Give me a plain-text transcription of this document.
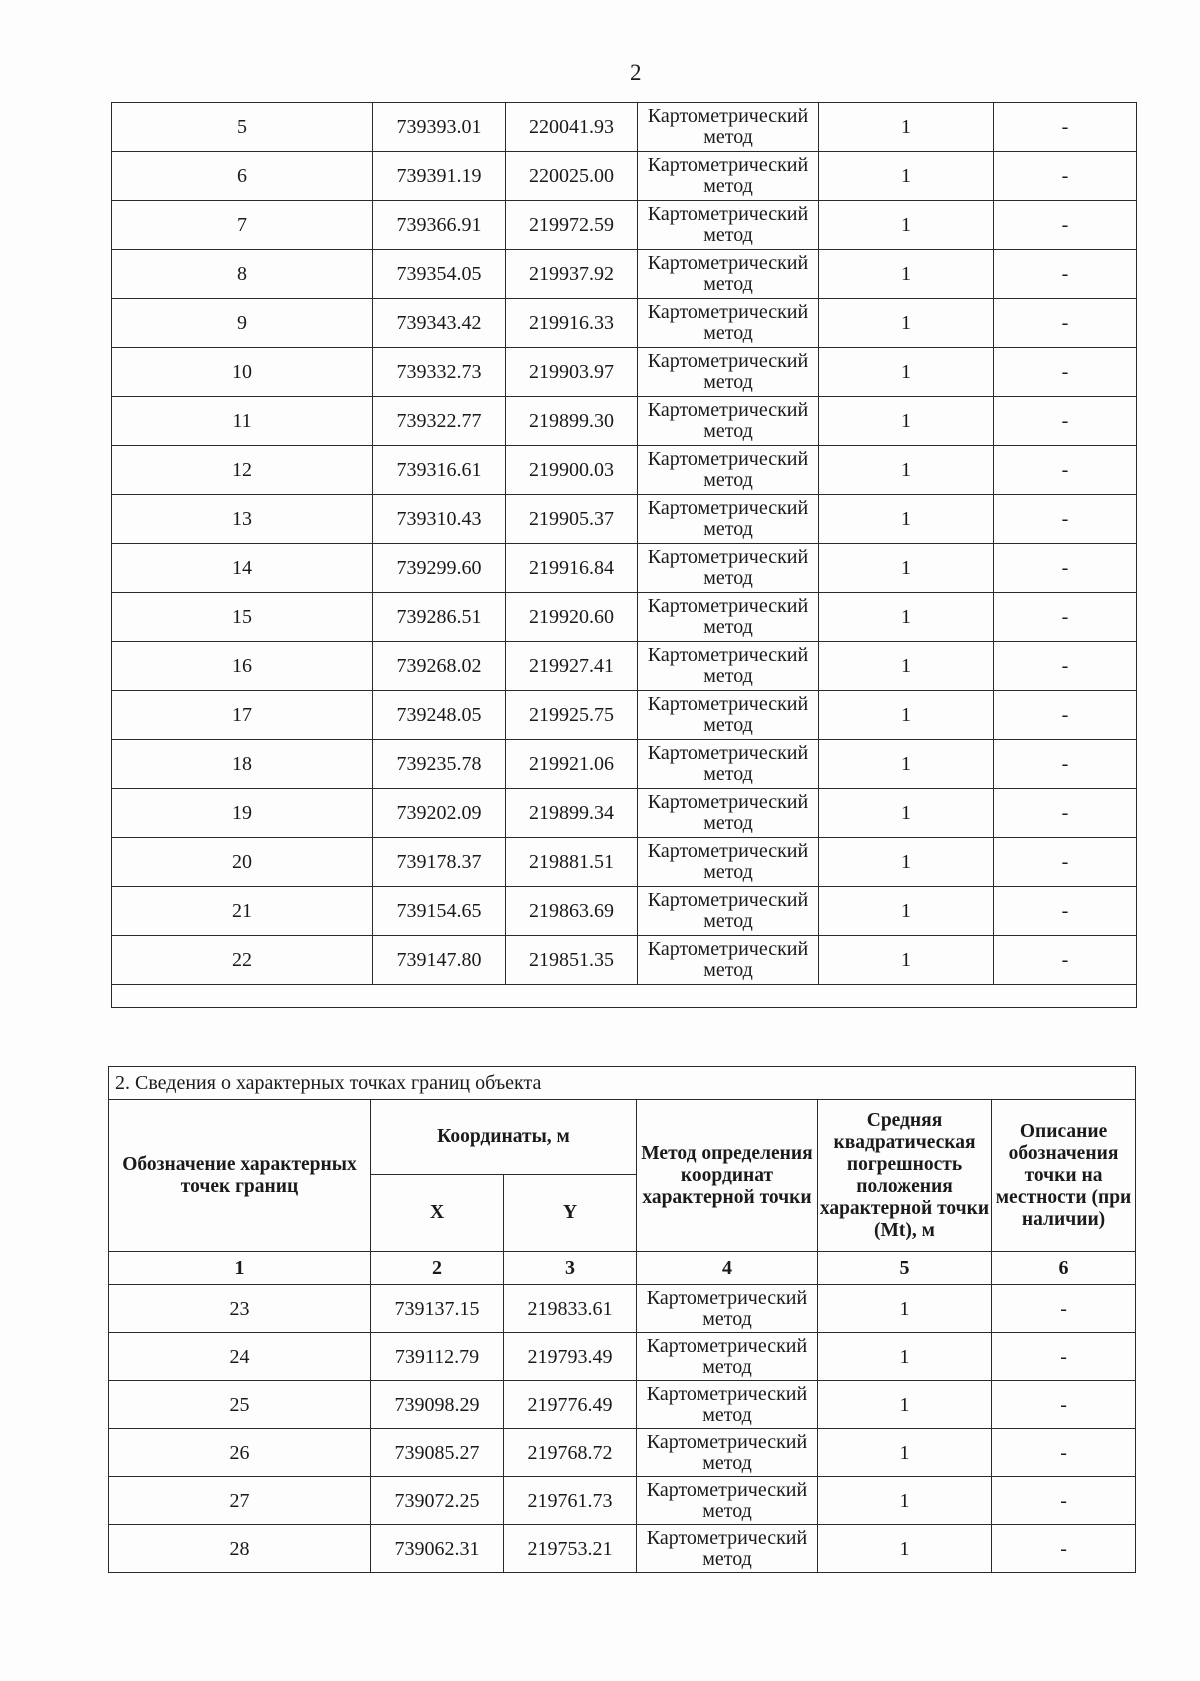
2
5	739393.01	220041.93	Картометрический метод	1	-
6	739391.19	220025.00	Картометрический метод	1	-
7	739366.91	219972.59	Картометрический метод	1	-
8	739354.05	219937.92	Картометрический метод	1	-
9	739343.42	219916.33	Картометрический метод	1	-
10	739332.73	219903.97	Картометрический метод	1	-
11	739322.77	219899.30	Картометрический метод	1	-
12	739316.61	219900.03	Картометрический метод	1	-
13	739310.43	219905.37	Картометрический метод	1	-
14	739299.60	219916.84	Картометрический метод	1	-
15	739286.51	219920.60	Картометрический метод	1	-
16	739268.02	219927.41	Картометрический метод	1	-
17	739248.05	219925.75	Картометрический метод	1	-
18	739235.78	219921.06	Картометрический метод	1	-
19	739202.09	219899.34	Картометрический метод	1	-
20	739178.37	219881.51	Картометрический метод	1	-
21	739154.65	219863.69	Картометрический метод	1	-
22	739147.80	219851.35	Картометрический метод	1	-

2. Сведения о характерных точках границ объекта					
Обозначение характерных точек границ	Координаты, м		Метод определения координат характерной точки	Средняя квадратическая погрешность положения характерной точки (Mt), м	Описание обозначения точки на местности (при наличии)
	X	Y			
1	2	3	4	5	6
23	739137.15	219833.61	Картометрический метод	1	-
24	739112.79	219793.49	Картометрический метод	1	-
25	739098.29	219776.49	Картометрический метод	1	-
26	739085.27	219768.72	Картометрический метод	1	-
27	739072.25	219761.73	Картометрический метод	1	-
28	739062.31	219753.21	Картометрический метод	1	-
